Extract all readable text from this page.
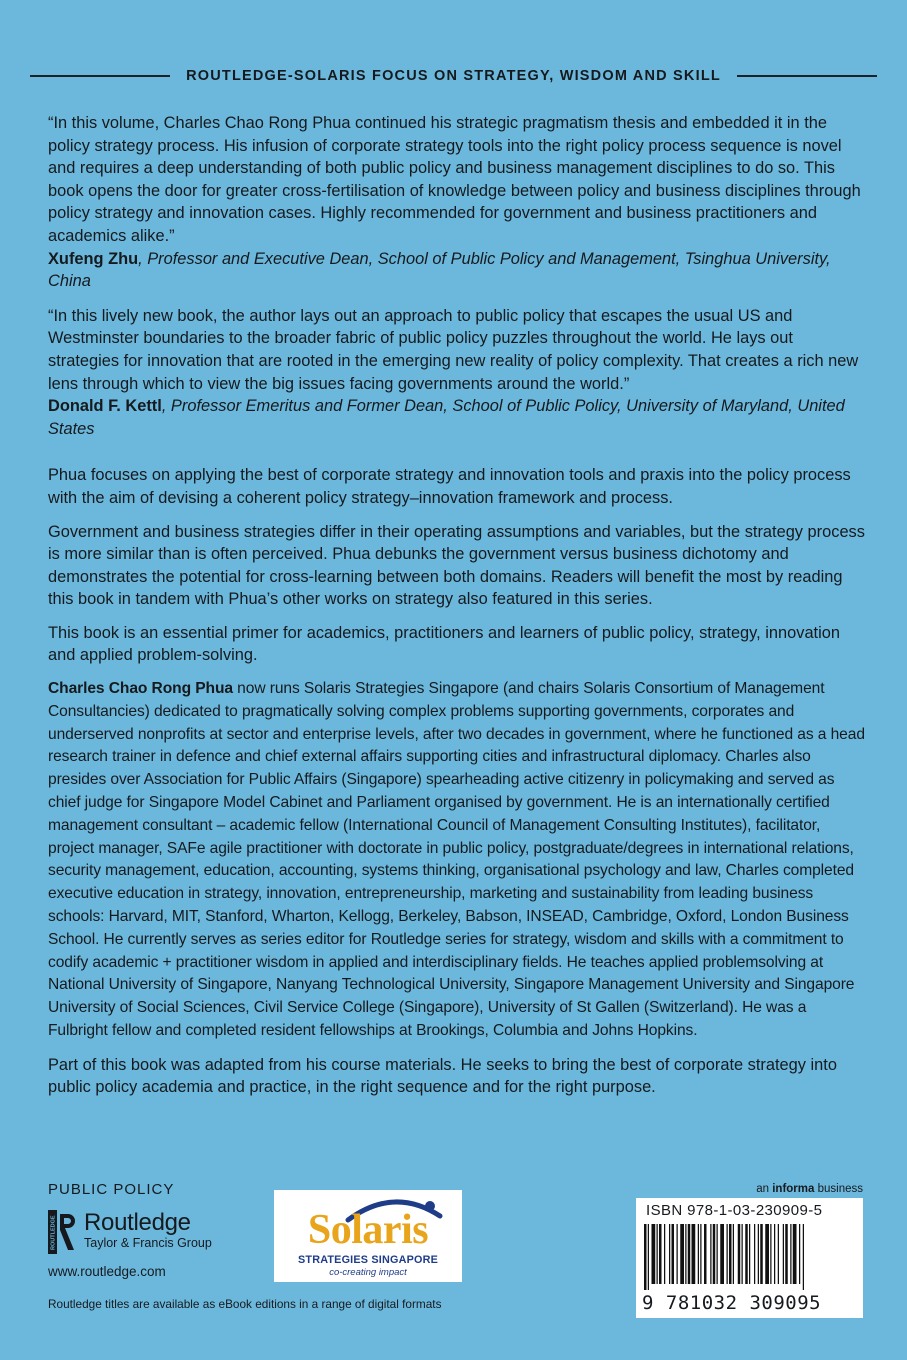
ROUTLEDGE-SOLARIS FOCUS ON STRATEGY, WISDOM AND SKILL

“In this volume, Charles Chao Rong Phua continued his strategic pragmatism thesis and embedded it in the policy strategy process. His infusion of corporate strategy tools into the right policy process sequence is novel and requires a deep understanding of both public policy and business management disciplines to do so. This book opens the door for greater cross-fertilisation of knowledge between policy and business disciplines through policy strategy and innovation cases. Highly recommended for government and business practitioners and academics alike.”

Xufeng Zhu, Professor and Executive Dean, School of Public Policy and Management, Tsinghua University, China

“In this lively new book, the author lays out an approach to public policy that escapes the usual US and Westminster boundaries to the broader fabric of public policy puzzles throughout the world. He lays out strategies for innovation that are rooted in the emerging new reality of policy complexity. That creates a rich new lens through which to view the big issues facing governments around the world.”

Donald F. Kettl, Professor Emeritus and Former Dean, School of Public Policy, University of Maryland, United States

Phua focuses on applying the best of corporate strategy and innovation tools and praxis into the policy process with the aim of devising a coherent policy strategy–innovation framework and process.

Government and business strategies differ in their operating assumptions and variables, but the strategy process is more similar than is often perceived. Phua debunks the government versus business dichotomy and demonstrates the potential for cross-learning between both domains. Readers will benefit the most by reading this book in tandem with Phua’s other works on strategy also featured in this series.

This book is an essential primer for academics, practitioners and learners of public policy, strategy, innovation and applied problem-solving.

Charles Chao Rong Phua now runs Solaris Strategies Singapore (and chairs Solaris Consortium of Management Consultancies) dedicated to pragmatically solving complex problems supporting governments, corporates and underserved nonprofits at sector and enterprise levels, after two decades in government, where he functioned as a head research trainer in defence and chief external affairs supporting cities and infrastructural diplomacy. Charles also presides over Association for Public Affairs (Singapore) spearheading active citizenry in policymaking and served as chief judge for Singapore Model Cabinet and Parliament organised by government. He is an internationally certified management consultant – academic fellow (International Council of Management Consulting Institutes), facilitator, project manager, SAFe agile practitioner with doctorate in public policy, postgraduate/degrees in international relations, security management, education, accounting, systems thinking, organisational psychology and law, Charles completed executive education in strategy, innovation, entrepreneurship, marketing and sustainability from leading business schools: Harvard, MIT, Stanford, Wharton, Kellogg, Berkeley, Babson, INSEAD, Cambridge, Oxford, London Business School. He currently serves as series editor for Routledge series for strategy, wisdom and skills with a commitment to codify academic + practitioner wisdom in applied and interdisciplinary fields. He teaches applied problemsolving at National University of Singapore, Nanyang Technological University, Singapore Management University and Singapore University of Social Sciences, Civil Service College (Singapore), University of St Gallen (Switzerland). He was a Fulbright fellow and completed resident fellowships at Brookings, Columbia and Johns Hopkins.

Part of this book was adapted from his course materials. He seeks to bring the best of corporate strategy into public policy academia and practice, in the right sequence and for the right purpose.

PUBLIC POLICY
ROUTLEDGE Routledge
Taylor & Francis Group
www.routledge.com
Routledge titles are available as eBook editions in a range of digital formats
Solaris
STRATEGIES SINGAPORE
co-creating impact
an informa business
ISBN 978-1-03-230909-5
9 781032 309095
